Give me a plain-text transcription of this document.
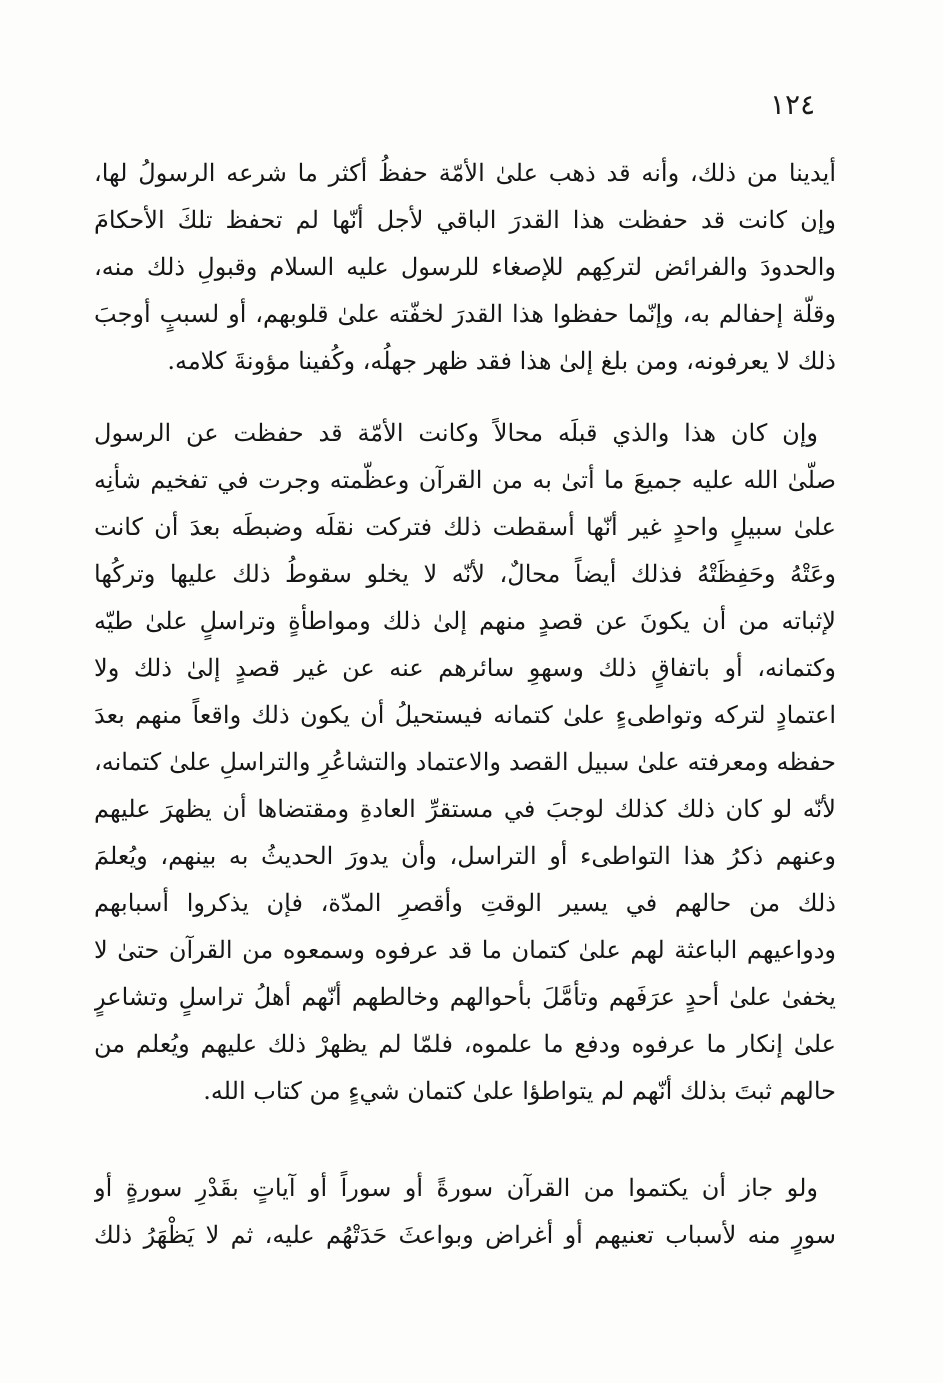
١٢٤
أيدينا من ذلك، وأنه قد ذهب علىٰ الأمّة حفظُ أكثر ما شرعه الرسولُ لها،
وإن كانت قد حفظت هذا القدرَ الباقي لأجل أنّها لم تحفظ تلكَ الأحكامَ
والحدودَ والفرائض لتركِهم للإصغاء للرسول عليه السلام وقبولِ ذلك منه،
وقلّة إحفالم به، وإنّما حفظوا هذا القدرَ لخفّته علىٰ قلوبهم، أو لسببٍ أوجبَ
ذلك لا يعرفونه، ومن بلغ إلىٰ هذا فقد ظهر جهلُه، وكُفينا مؤونةَ كلامه.
وإن كان هذا والذي قبلَه محالاً وكانت الأمّة قد حفظت عن الرسول
صلّىٰ الله عليه جميعَ ما أتىٰ به من القرآن وعظّمته وجرت في تفخيم شأنِه
علىٰ سبيلٍ واحدٍ غير أنّها أسقطت ذلك فتركت نقلَه وضبطَه بعدَ أن كانت
وعَتْهُ وحَفِظَتْهُ فذلك أيضاً محالٌ، لأنّه لا يخلو سقوطُ ذلك عليها وتركُها
لإثباته من أن يكونَ عن قصدٍ منهم إلىٰ ذلك ومواطأةٍ وتراسلٍ علىٰ طيّه
وكتمانه، أو باتفاقٍ ذلك وسهوِ سائرهم عنه عن غير قصدٍ إلىٰ ذلك ولا
اعتمادٍ لتركه وتواطىءٍ علىٰ كتمانه فيستحيلُ أن يكون ذلك واقعاً منهم بعدَ
حفظه ومعرفته علىٰ سبيل القصد والاعتماد والتشاعُرِ والتراسلِ علىٰ كتمانه،
لأنّه لو كان ذلك كذلك لوجبَ في مستقرِّ العادةِ ومقتضاها أن يظهرَ عليهم
وعنهم ذكرُ هذا التواطىء أو التراسل، وأن يدورَ الحديثُ به بينهم، ويُعلمَ
ذلك من حالهم في يسير الوقتِ وأقصرِ المدّة، فإن يذكروا أسبابهم
ودواعيهم الباعثة لهم علىٰ كتمان ما قد عرفوه وسمعوه من القرآن حتىٰ لا
يخفىٰ علىٰ أحدٍ عرَفَهم وتأمَّلَ بأحوالهم وخالطهم أنّهم أهلُ تراسلٍ وتشاعرٍ
علىٰ إنكار ما عرفوه ودفع ما علموه، فلمّا لم يظهرْ ذلك عليهم ويُعلم من
حالهم ثبتَ بذلك أنّهم لم يتواطؤا علىٰ كتمان شيءٍ من كتاب الله.
ولو جاز أن يكتموا من القرآن سورةً أو سوراً أو آياتٍ بقَدْرِ سورةٍ أو
سورٍ منه لأسباب تعنيهم أو أغراض وبواعثَ حَدَتْهُم عليه، ثم لا يَظْهَرُ ذلك
